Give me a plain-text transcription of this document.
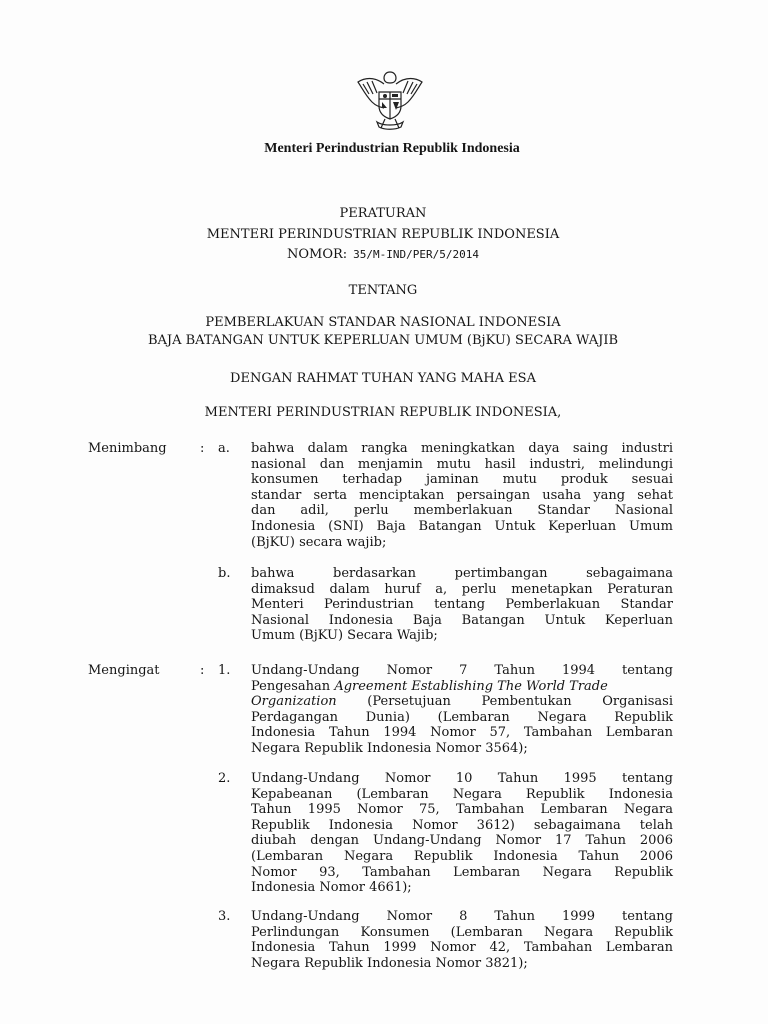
Menteri Perindustrian Republik Indonesia
PERATURAN
MENTERI PERINDUSTRIAN REPUBLIK INDONESIA
NOMOR: 35/M-IND/PER/5/2014
TENTANG
PEMBERLAKUAN STANDAR NASIONAL INDONESIA
BAJA BATANGAN UNTUK KEPERLUAN UMUM (BjKU) SECARA WAJIB
DENGAN RAHMAT TUHAN YANG MAHA ESA
MENTERI PERINDUSTRIAN REPUBLIK INDONESIA,
Menimbang	: a. bahwa dalam rangka meningkatkan daya saing industri
nasional dan menjamin mutu hasil industri, melindungi
konsumen terhadap jaminan mutu produk sesuai
standar serta menciptakan persaingan usaha yang sehat
dan adil, perlu memberlakuan Standar Nasional
Indonesia (SNI) Baja Batangan Untuk Keperluan Umum
(BjKU) secara wajib;
b. bahwa berdasarkan pertimbangan sebagaimana
dimaksud dalam huruf a, perlu menetapkan Peraturan
Menteri Perindustrian tentang Pemberlakuan Standar
Nasional Indonesia Baja Batangan Untuk Keperluan
Umum (BjKU) Secara Wajib;
Mengingat	: 1. Undang-Undang Nomor 7 Tahun 1994 tentang
Pengesahan Agreement Establishing The World Trade
Organization (Persetujuan Pembentukan Organisasi
Perdagangan Dunia) (Lembaran Negara Republik
Indonesia Tahun 1994 Nomor 57, Tambahan Lembaran
Negara Republik Indonesia Nomor 3564);
2. Undang-Undang Nomor 10 Tahun 1995 tentang
Kepabeanan (Lembaran Negara Republik Indonesia
Tahun 1995 Nomor 75, Tambahan Lembaran Negara
Republik Indonesia Nomor 3612) sebagaimana telah
diubah dengan Undang-Undang Nomor 17 Tahun 2006
(Lembaran Negara Republik Indonesia Tahun 2006
Nomor 93, Tambahan Lembaran Negara Republik
Indonesia Nomor 4661);
3. Undang-Undang Nomor 8 Tahun 1999 tentang
Perlindungan Konsumen (Lembaran Negara Republik
Indonesia Tahun 1999 Nomor 42, Tambahan Lembaran
Negara Republik Indonesia Nomor 3821);
